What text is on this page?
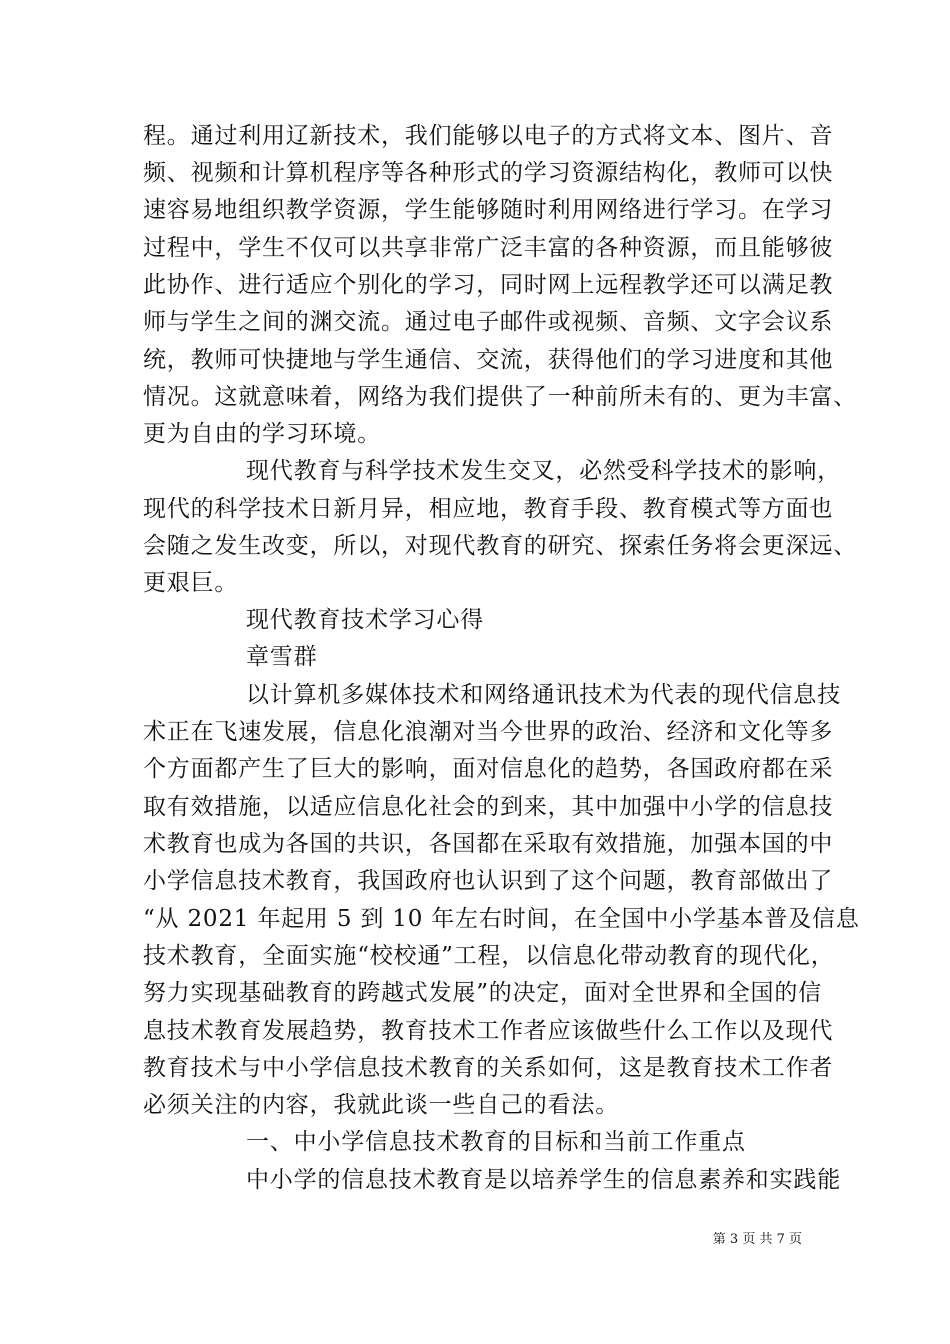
程。通过利用辽新技术，我们能够以电子的方式将文本、图片、音
频、视频和计算机程序等各种形式的学习资源结构化，教师可以快
速容易地组织教学资源，学生能够随时利用网络进行学习。在学习
过程中，学生不仅可以共享非常广泛丰富的各种资源，而且能够彼
此协作、进行适应个别化的学习，同时网上远程教学还可以满足教
师与学生之间的渊交流。通过电子邮件或视频、音频、文字会议系
统，教师可快捷地与学生通信、交流，获得他们的学习进度和其他
情况。这就意味着，网络为我们提供了一种前所未有的、更为丰富、
更为自由的学习环境。
现代教育与科学技术发生交叉，必然受科学技术的影响，
现代的科学技术日新月异，相应地，教育手段、教育模式等方面也
会随之发生改变，所以，对现代教育的研究、探索任务将会更深远、
更艰巨。
现代教育技术学习心得
章雪群
以计算机多媒体技术和网络通讯技术为代表的现代信息技
术正在飞速发展，信息化浪潮对当今世界的政治、经济和文化等多
个方面都产生了巨大的影响，面对信息化的趋势，各国政府都在采
取有效措施，以适应信息化社会的到来，其中加强中小学的信息技
术教育也成为各国的共识，各国都在采取有效措施，加强本国的中
小学信息技术教育，我国政府也认识到了这个问题，教育部做出了
“从 2021 年起用 5 到 10 年左右时间，在全国中小学基本普及信息
技术教育，全面实施“校校通”工程，以信息化带动教育的现代化，
努力实现基础教育的跨越式发展”的决定，面对全世界和全国的信
息技术教育发展趋势，教育技术工作者应该做些什么工作以及现代
教育技术与中小学信息技术教育的关系如何，这是教育技术工作者
必须关注的内容，我就此谈一些自己的看法。
一、中小学信息技术教育的目标和当前工作重点
中小学的信息技术教育是以培养学生的信息素养和实践能
第 3 页 共 7 页
